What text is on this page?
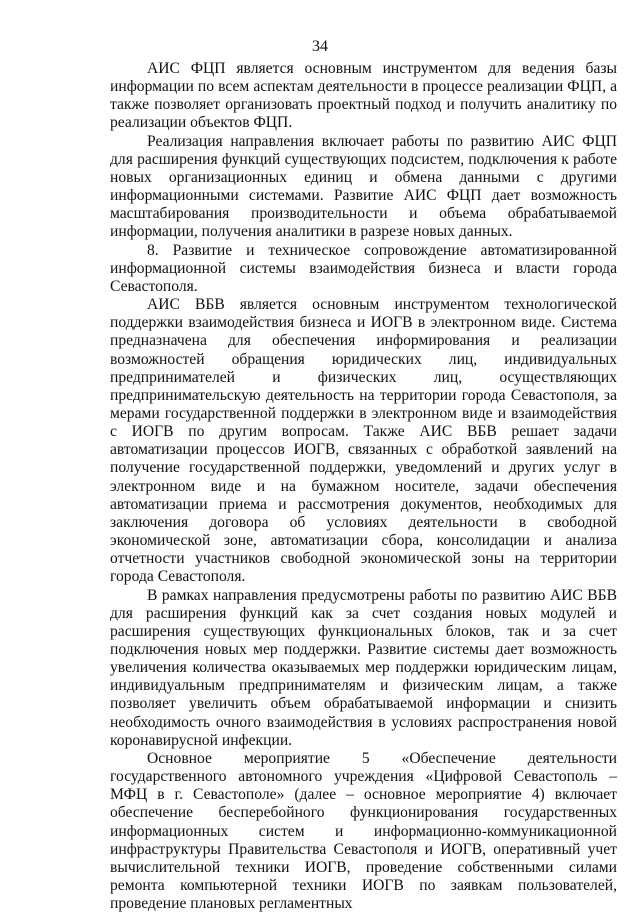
34

АИС ФЦП является основным инструментом для ведения базы информации по всем аспектам деятельности в процессе реализации ФЦП, а также позволяет организовать проектный подход и получить аналитику по реализации объектов ФЦП.

Реализация направления включает работы по развитию АИС ФЦП для расширения функций существующих подсистем, подключения к работе новых организационных единиц и обмена данными с другими информационными системами. Развитие АИС ФЦП дает возможность масштабирования производительности и объема обрабатываемой информации, получения аналитики в разрезе новых данных.

8. Развитие и техническое сопровождение автоматизированной информационной системы взаимодействия бизнеса и власти города Севастополя.

АИС ВБВ является основным инструментом технологической поддержки взаимодействия бизнеса и ИОГВ в электронном виде. Система предназначена для обеспечения информирования и реализации возможностей обращения юридических лиц, индивидуальных предпринимателей и физических лиц, осуществляющих предпринимательскую деятельность на территории города Севастополя, за мерами государственной поддержки в электронном виде и взаимодействия с ИОГВ по другим вопросам. Также АИС ВБВ решает задачи автоматизации процессов ИОГВ, связанных с обработкой заявлений на получение государственной поддержки, уведомлений и других услуг в электронном виде и на бумажном носителе, задачи обеспечения автоматизации приема и рассмотрения документов, необходимых для заключения договора об условиях деятельности в свободной экономической зоне, автоматизации сбора, консолидации и анализа отчетности участников свободной экономической зоны на территории города Севастополя.

В рамках направления предусмотрены работы по развитию АИС ВБВ для расширения функций как за счет создания новых модулей и расширения существующих функциональных блоков, так и за счет подключения новых мер поддержки. Развитие системы дает возможность увеличения количества оказываемых мер поддержки юридическим лицам, индивидуальным предпринимателям и физическим лицам, а также позволяет увеличить объем обрабатываемой информации и снизить необходимость очного взаимодействия в условиях распространения новой коронавирусной инфекции.

Основное мероприятие 5 «Обеспечение деятельности государственного автономного учреждения «Цифровой Севастополь – МФЦ в г. Севастополе» (далее – основное мероприятие 4) включает обеспечение бесперебойного функционирования государственных информационных систем и информационно-коммуникационной инфраструктуры Правительства Севастополя и ИОГВ, оперативный учет вычислительной техники ИОГВ, проведение собственными силами ремонта компьютерной техники ИОГВ по заявкам пользователей, проведение плановых регламентных
